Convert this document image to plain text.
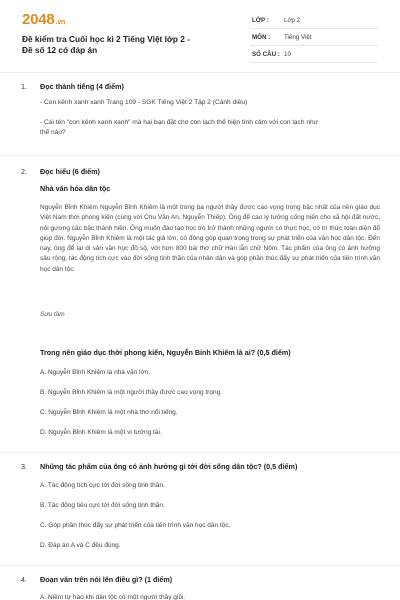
2048.vn
Đề kiểm tra Cuối học kì 2 Tiếng Việt lớp 2 - Đề số 12 có đáp án
LỚP : Lớp 2
MÔN : Tiếng Việt
SỐ CÂU : 10
1. Đọc thành tiếng (4 điểm)
- Con kênh xanh xanh Trang 109 - SGK Tiếng Việt 2 Tập 2 (Cánh diều)
- Cái tên "con kênh xanh xanh" mà hai bạn đặt cho con lạch thể hiện tình cảm với con lạch như
thế nào?
2. Đọc hiểu (6 điểm)
Nhà văn hóa dân tộc
Nguyễn Bỉnh Khiêm Nguyễn Bỉnh Khiêm là một trong ba người thầy được cao vọng trong bậc nhất của nền giáo dục Việt Nam thời phong kiến (cùng với Chu Văn An, Nguyễn Thiếp). Ông để cao lý tưởng cống hiến cho xã hội đất nước, nói gương các bậc thánh hiền. Ông muốn đào tạo học trò trở thành những người có thực học, có trí thức toàn diện để giúp đời. Nguyễn Bỉnh Khiêm là một tác giả lớn, có đóng góp quan trọng trong sự phát triển của văn học dân tộc. Đến nay, ông để lại di sản văn học đồ sộ, với hơn 800 bài thơ chữ Hán lẫn chữ Nôm. Tác phẩm của ông có ảnh hưởng sâu rộng, tác động tích cực vào đời sống tinh thần của nhân dân và góp phần thúc đẩy sự phát triển của tiến trình văn học dân tộc.
Sưu tầm
Trong nền giáo dục thời phong kiến, Nguyễn Bỉnh Khiêm là ai? (0,5 điểm)
A. Nguyễn Bỉnh Khiêm là nhà văn lớn.
B. Nguyễn Bỉnh Khiêm là một người thầy được cao vọng trọng.
C. Nguyễn Bỉnh Khiêm là một nhà thơ nổi tiếng.
D. Nguyễn Bỉnh Khiêm là một vị tướng tài.
3. Những tác phẩm của ông có ảnh hưởng gì tới đời sống dân tộc? (0,5 điểm)
A. Tác động tích cực tới đời sống tinh thần.
B. Tác động tiêu cực tới đời sống tinh thần.
C. Góp phần thúc đẩy sự phát triển của tiến trình văn học dân tộc.
D. Đáp án A và C đều đúng.
4. Đoạn văn trên nói lên điều gì? (1 điểm)
A. Niềm tự hào khi dân tộc có một người thầy giỏi.
